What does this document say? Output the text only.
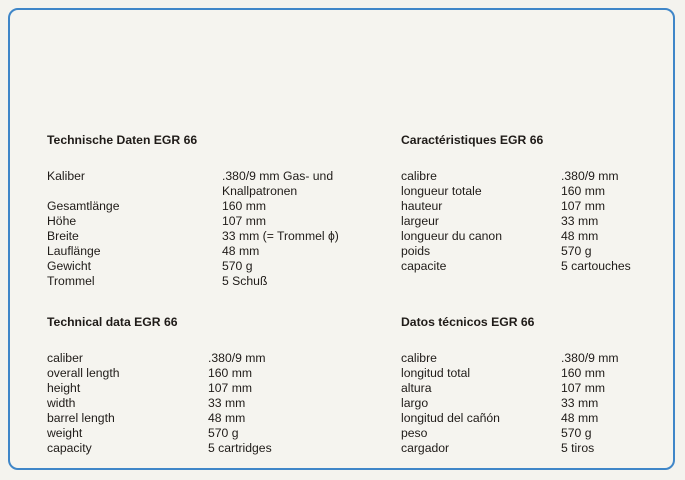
Technische Daten EGR 66
Kaliber	.380/9 mm Gas- und Knallpatronen
Gesamtlänge	160 mm
Höhe	107 mm
Breite	33 mm (= Trommel ϕ)
Lauflänge	48 mm
Gewicht	570 g
Trommel	5 Schuß
Caractéristiques EGR 66
calibre	.380/9 mm
longueur totale	160 mm
hauteur	107 mm
largeur	33 mm
longueur du canon	48 mm
poids	570 g
capacite	5 cartouches
Technical data EGR 66
caliber	.380/9 mm
overall length	160 mm
height	107 mm
width	33 mm
barrel length	48 mm
weight	570 g
capacity	5 cartridges
Datos técnicos EGR 66
calibre	.380/9 mm
longitud total	160 mm
altura	107 mm
largo	33 mm
longitud del cañón	48 mm
peso	570 g
cargador	5 tiros
